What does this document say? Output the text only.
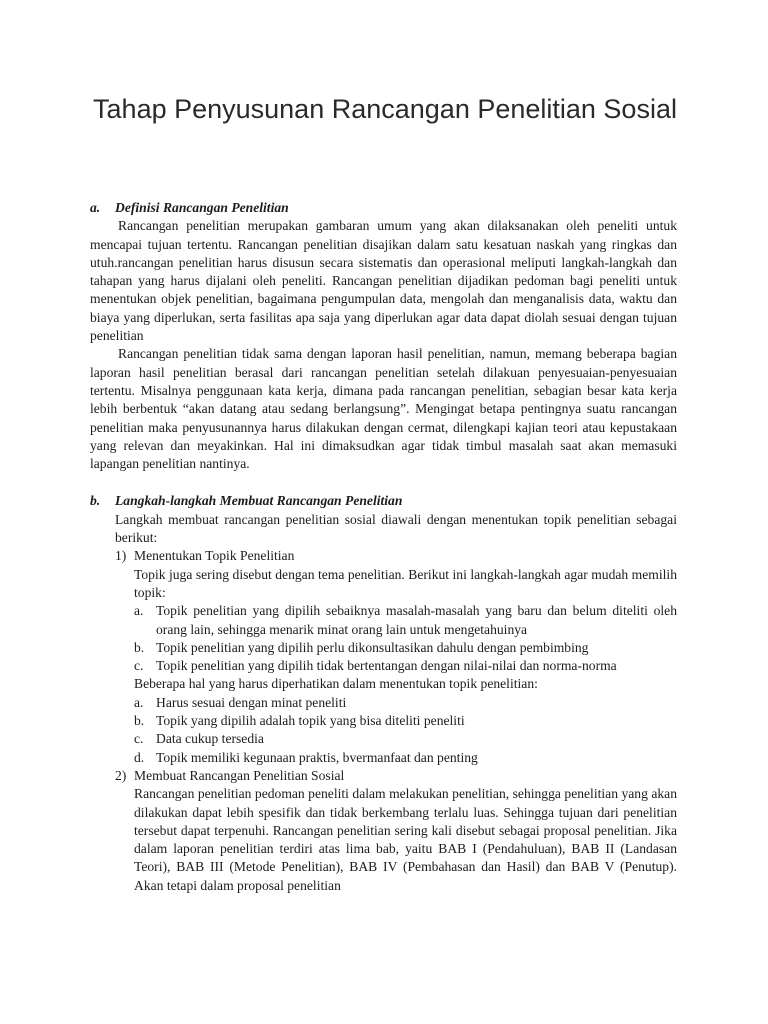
Tahap Penyusunan Rancangan Penelitian Sosial
a.	Definisi Rancangan Penelitian

Rancangan penelitian merupakan gambaran umum yang akan dilaksanakan oleh peneliti untuk mencapai tujuan tertentu. Rancangan penelitian disajikan dalam satu kesatuan naskah yang ringkas dan utuh.rancangan penelitian harus disusun secara sistematis dan operasional meliputi langkah-langkah dan tahapan yang harus dijalani oleh peneliti. Rancangan penelitian dijadikan pedoman bagi peneliti untuk menentukan objek penelitian, bagaimana pengumpulan data, mengolah dan menganalisis data, waktu dan biaya yang diperlukan, serta fasilitas apa saja yang diperlukan agar data dapat diolah sesuai dengan tujuan penelitian

Rancangan penelitian tidak sama dengan laporan hasil penelitian, namun, memang beberapa bagian laporan hasil penelitian berasal dari rancangan penelitian setelah dilakuan penyesuaian-penyesuaian tertentu. Misalnya penggunaan kata kerja, dimana pada rancangan penelitian, sebagian besar kata kerja lebih berbentuk “akan datang atau sedang berlangsung”. Mengingat betapa pentingnya suatu rancangan penelitian maka penyusunannya harus dilakukan dengan cermat, dilengkapi kajian teori atau kepustakaan yang relevan dan meyakinkan. Hal ini dimaksudkan agar tidak timbul masalah saat akan memasuki lapangan penelitian nantinya.

b.	Langkah-langkah Membuat Rancangan Penelitian

Langkah membuat rancangan penelitian sosial diawali dengan menentukan topik penelitian sebagai berikut:

1) Menentukan Topik Penelitian

Topik juga sering disebut dengan tema penelitian. Berikut ini langkah-langkah agar mudah memilih topik:

a. Topik penelitian yang dipilih sebaiknya masalah-masalah yang baru dan belum diteliti oleh orang lain, sehingga menarik minat orang lain untuk mengetahuinya
b. Topik penelitian yang dipilih perlu dikonsultasikan dahulu dengan pembimbing
c. Topik penelitian yang dipilih tidak bertentangan dengan nilai-nilai dan norma-norma

Beberapa hal yang harus diperhatikan dalam menentukan topik penelitian:

a. Harus sesuai dengan minat peneliti
b. Topik yang dipilih adalah topik yang bisa diteliti peneliti
c. Data cukup tersedia
d. Topik memiliki kegunaan praktis, bvermanfaat dan penting
2) Membuat Rancangan Penelitian Sosial

Rancangan penelitian pedoman peneliti dalam melakukan penelitian, sehingga penelitian yang akan dilakukan dapat lebih spesifik dan tidak berkembang terlalu luas. Sehingga tujuan dari penelitian tersebut dapat terpenuhi. Rancangan penelitian sering kali disebut sebagai proposal penelitian. Jika dalam laporan penelitian terdiri atas lima bab, yaitu BAB I (Pendahuluan), BAB II (Landasan Teori), BAB III (Metode Penelitian), BAB IV (Pembahasan dan Hasil) dan BAB V (Penutup). Akan tetapi dalam proposal penelitian
